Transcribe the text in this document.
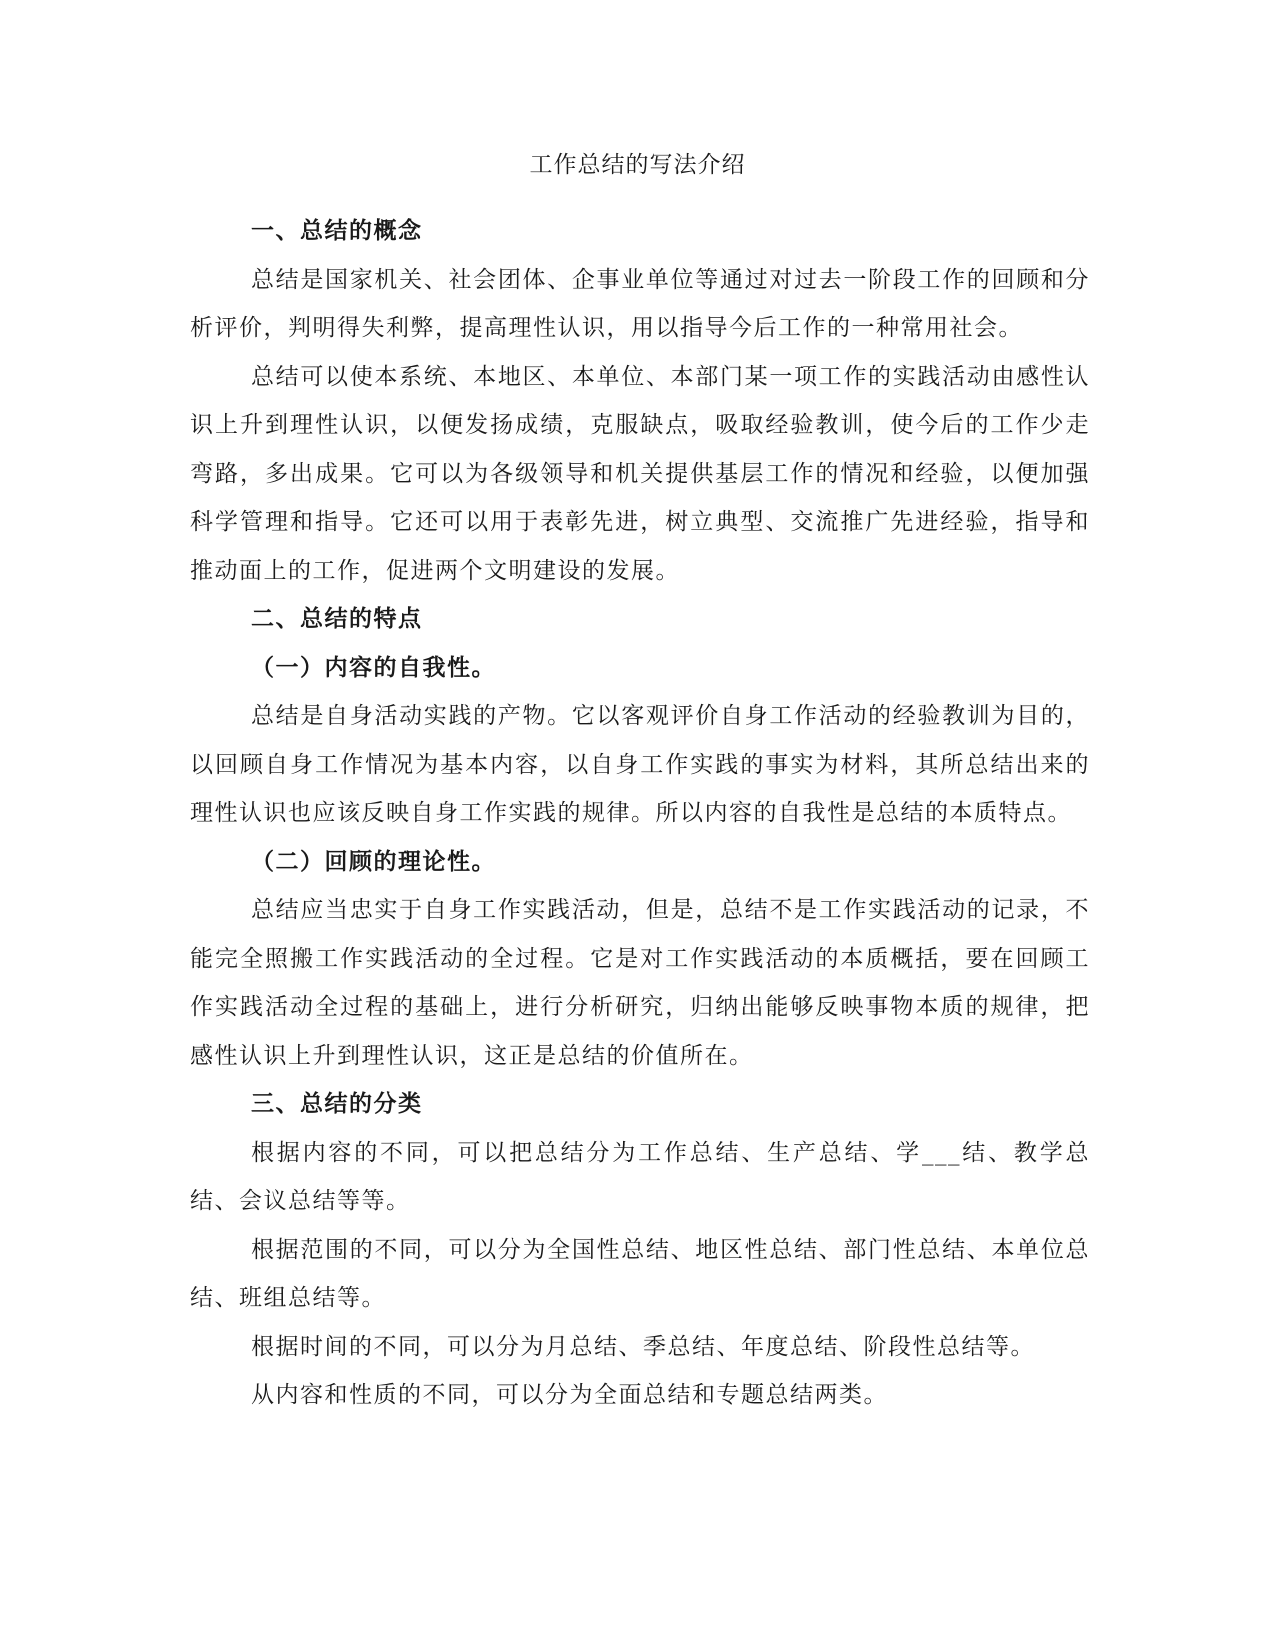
工作总结的写法介绍

一、总结的概念

总结是国家机关、社会团体、企事业单位等通过对过去一阶段工作的回顾和分析评价，判明得失利弊，提高理性认识，用以指导今后工作的一种常用社会。

总结可以使本系统、本地区、本单位、本部门某一项工作的实践活动由感性认识上升到理性认识，以便发扬成绩，克服缺点，吸取经验教训，使今后的工作少走弯路，多出成果。它可以为各级领导和机关提供基层工作的情况和经验，以便加强科学管理和指导。它还可以用于表彰先进，树立典型、交流推广先进经验，指导和推动面上的工作，促进两个文明建设的发展。

二、总结的特点

（一）内容的自我性。

总结是自身活动实践的产物。它以客观评价自身工作活动的经验教训为目的，以回顾自身工作情况为基本内容，以自身工作实践的事实为材料，其所总结出来的理性认识也应该反映自身工作实践的规律。所以内容的自我性是总结的本质特点。

（二）回顾的理论性。

总结应当忠实于自身工作实践活动，但是，总结不是工作实践活动的记录，不能完全照搬工作实践活动的全过程。它是对工作实践活动的本质概括，要在回顾工作实践活动全过程的基础上，进行分析研究，归纳出能够反映事物本质的规律，把感性认识上升到理性认识，这正是总结的价值所在。

三、总结的分类

根据内容的不同，可以把总结分为工作总结、生产总结、学___结、教学总结、会议总结等等。

根据范围的不同，可以分为全国性总结、地区性总结、部门性总结、本单位总结、班组总结等。

根据时间的不同，可以分为月总结、季总结、年度总结、阶段性总结等。

从内容和性质的不同，可以分为全面总结和专题总结两类。
